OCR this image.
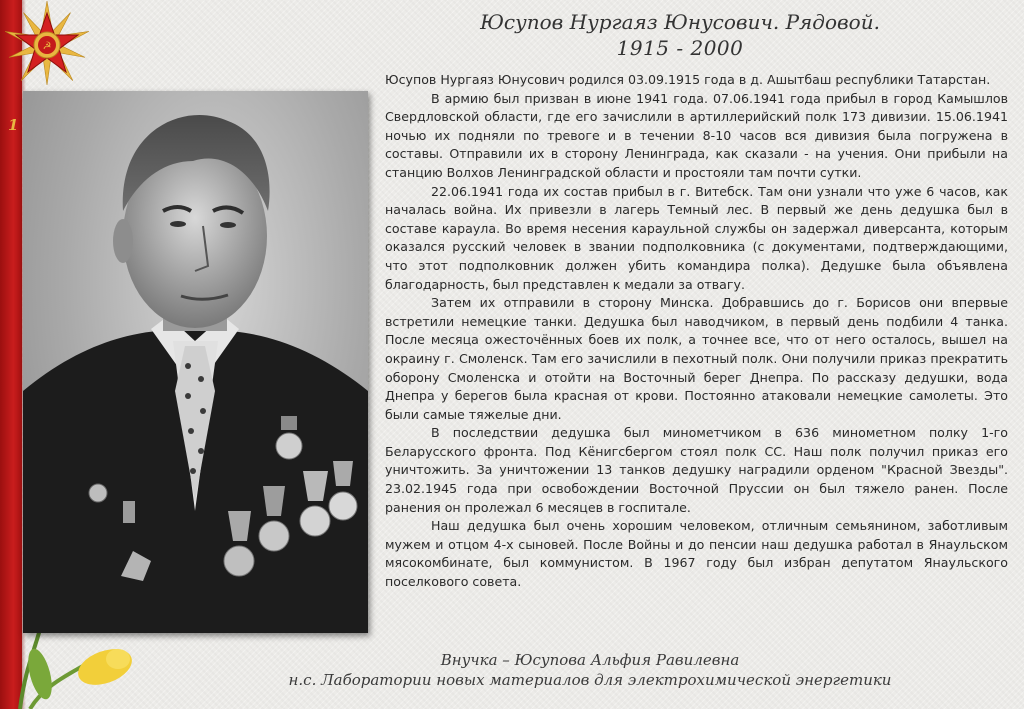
☭
1
Юсупов Нургаяз Юнусович. Рядовой.
1915 - 2000

Юсупов Нургаяз Юнусович родился 03.09.1915 года в д. Ашытбаш республики Татарстан.

В армию был призван в июне 1941 года. 07.06.1941 года прибыл в город Камышлов Свердловской области, где его зачислили в артиллерийский полк 173 дивизии. 15.06.1941 ночью их подняли по тревоге и в течении 8-10 часов вся дивизия была погружена в составы. Отправили их в сторону Ленинграда, как сказали - на учения. Они прибыли на станцию Волхов Ленинградской области и простояли там почти сутки.

22.06.1941 года их состав прибыл в г. Витебск. Там они узнали что уже 6 часов, как началась война. Их привезли в лагерь Темный лес. В первый же день дедушка был в составе караула. Во время несения караульной службы он задержал диверсанта, которым оказался русский человек в звании подполковника (с документами, подтверждающими, что этот подполковник должен убить командира полка). Дедушке была объявлена благодарность, был представлен к медали за отвагу.

Затем их отправили в сторону Минска. Добравшись до г. Борисов они впервые встретили немецкие танки. Дедушка был наводчиком, в первый день подбили 4 танка. После месяца ожесточённых боев их полк, а точнее все, что от него осталось, вышел на окраину г. Смоленск. Там его зачислили в пехотный полк. Они получили приказ прекратить оборону Смоленска и отойти на Восточный берег Днепра. По рассказу дедушки, вода Днепра у берегов была красная от крови. Постоянно атаковали немецкие самолеты. Это были самые тяжелые дни.

В последствии дедушка был минометчиком в 636 минометном полку 1-го Беларусского фронта. Под Кёнигсбергом стоял полк СС. Наш полк получил приказ его уничтожить. За уничтожении 13 танков дедушку наградили орденом "Красной Звезды". 23.02.1945 года при освобождении Восточной Пруссии он был тяжело ранен. После ранения он пролежал 6 месяцев в госпитале.

Наш дедушка был очень хорошим человеком, отличным семьянином, заботливым мужем и отцом 4-х сыновей. После Войны и до пенсии наш дедушка работал в Янаульском мясокомбинате, был коммунистом. В 1967 году был избран депутатом Янаульского поселкового совета.

Внучка – Юсупова Альфия Равилевна
н.с. Лаборатории новых материалов для электрохимической энергетики
